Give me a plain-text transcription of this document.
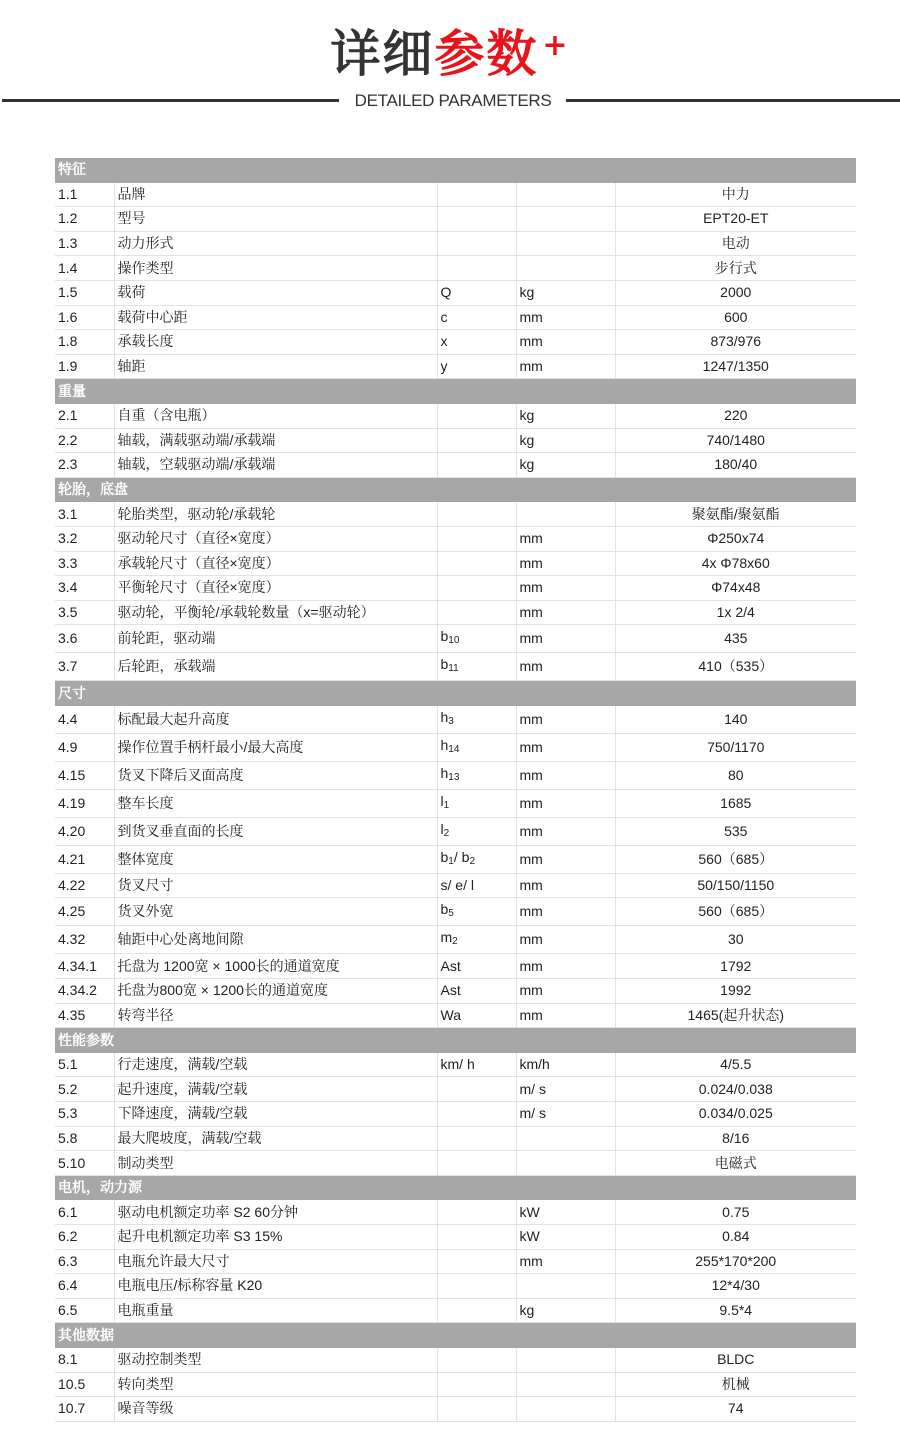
详细参数 +
DETAILED PARAMETERS
特征				
1.1	品牌			中力
1.2	型号			EPT20-ET
1.3	动力形式			电动
1.4	操作类型			步行式
1.5	载荷	Q	kg	2000
1.6	载荷中心距	c	mm	600
1.8	承载长度	x	mm	873/976
1.9	轴距	y	mm	1247/1350
重量				
2.1	自重（含电瓶）		kg	220
2.2	轴载，满载驱动端/承载端		kg	740/1480
2.3	轴载，空载驱动端/承载端		kg	180/40
轮胎，底盘				
3.1	轮胎类型，驱动轮/承载轮			聚氨酯/聚氨酯
3.2	驱动轮尺寸（直径×宽度）		mm	Φ250x74
3.3	承载轮尺寸（直径×宽度）		mm	4x Φ78x60
3.4	平衡轮尺寸（直径×宽度）		mm	Φ74x48
3.5	驱动轮，平衡轮/承载轮数量（x=驱动轮）		mm	1x 2/4
3.6	前轮距，驱动端	$b_{10}$	mm	435
3.7	后轮距，承载端	$b_{11}$	mm	410（535）
尺寸				
4.4	标配最大起升高度	$h_3$	mm	140
4.9	操作位置手柄杆最小/最大高度	$h_{14}$	mm	750/1170
4.15	货叉下降后叉面高度	$h_{13}$	mm	80
4.19	整车长度	$l_1$	mm	1685
4.20	到货叉垂直面的长度	$l_2$	mm	535
4.21	整体宽度	$b_1/$ $b_2$	mm	560（685）
4.22	货叉尺寸	s/ e/ l	mm	50/150/1150
4.25	货叉外宽	$b_5$	mm	560（685）
4.32	轴距中心处离地间隙	$m_2$	mm	30
4.34.1	托盘为 1200宽 × 1000长的通道宽度	Ast	mm	1792
4.34.2	托盘为800宽 × 1200长的通道宽度	Ast	mm	1992
4.35	转弯半径	Wa	mm	1465(起升状态)
性能参数				
5.1	行走速度，满载/空载	km/ h	km/h	4/5.5
5.2	起升速度，满载/空载		m/ s	0.024/0.038
5.3	下降速度，满载/空载		m/ s	0.034/0.025
5.8	最大爬坡度，满载/空载			8/16
5.10	制动类型			电磁式
电机，动力源				
6.1	驱动电机额定功率 S2 60分钟		kW	0.75
6.2	起升电机额定功率 S3 15%		kW	0.84
6.3	电瓶允许最大尺寸		mm	255*170*200
6.4	电瓶电压/标称容量 K20			12*4/30
6.5	电瓶重量		kg	9.5*4
其他数据				
8.1	驱动控制类型			BLDC
10.5	转向类型			机械
10.7	噪音等级			74
